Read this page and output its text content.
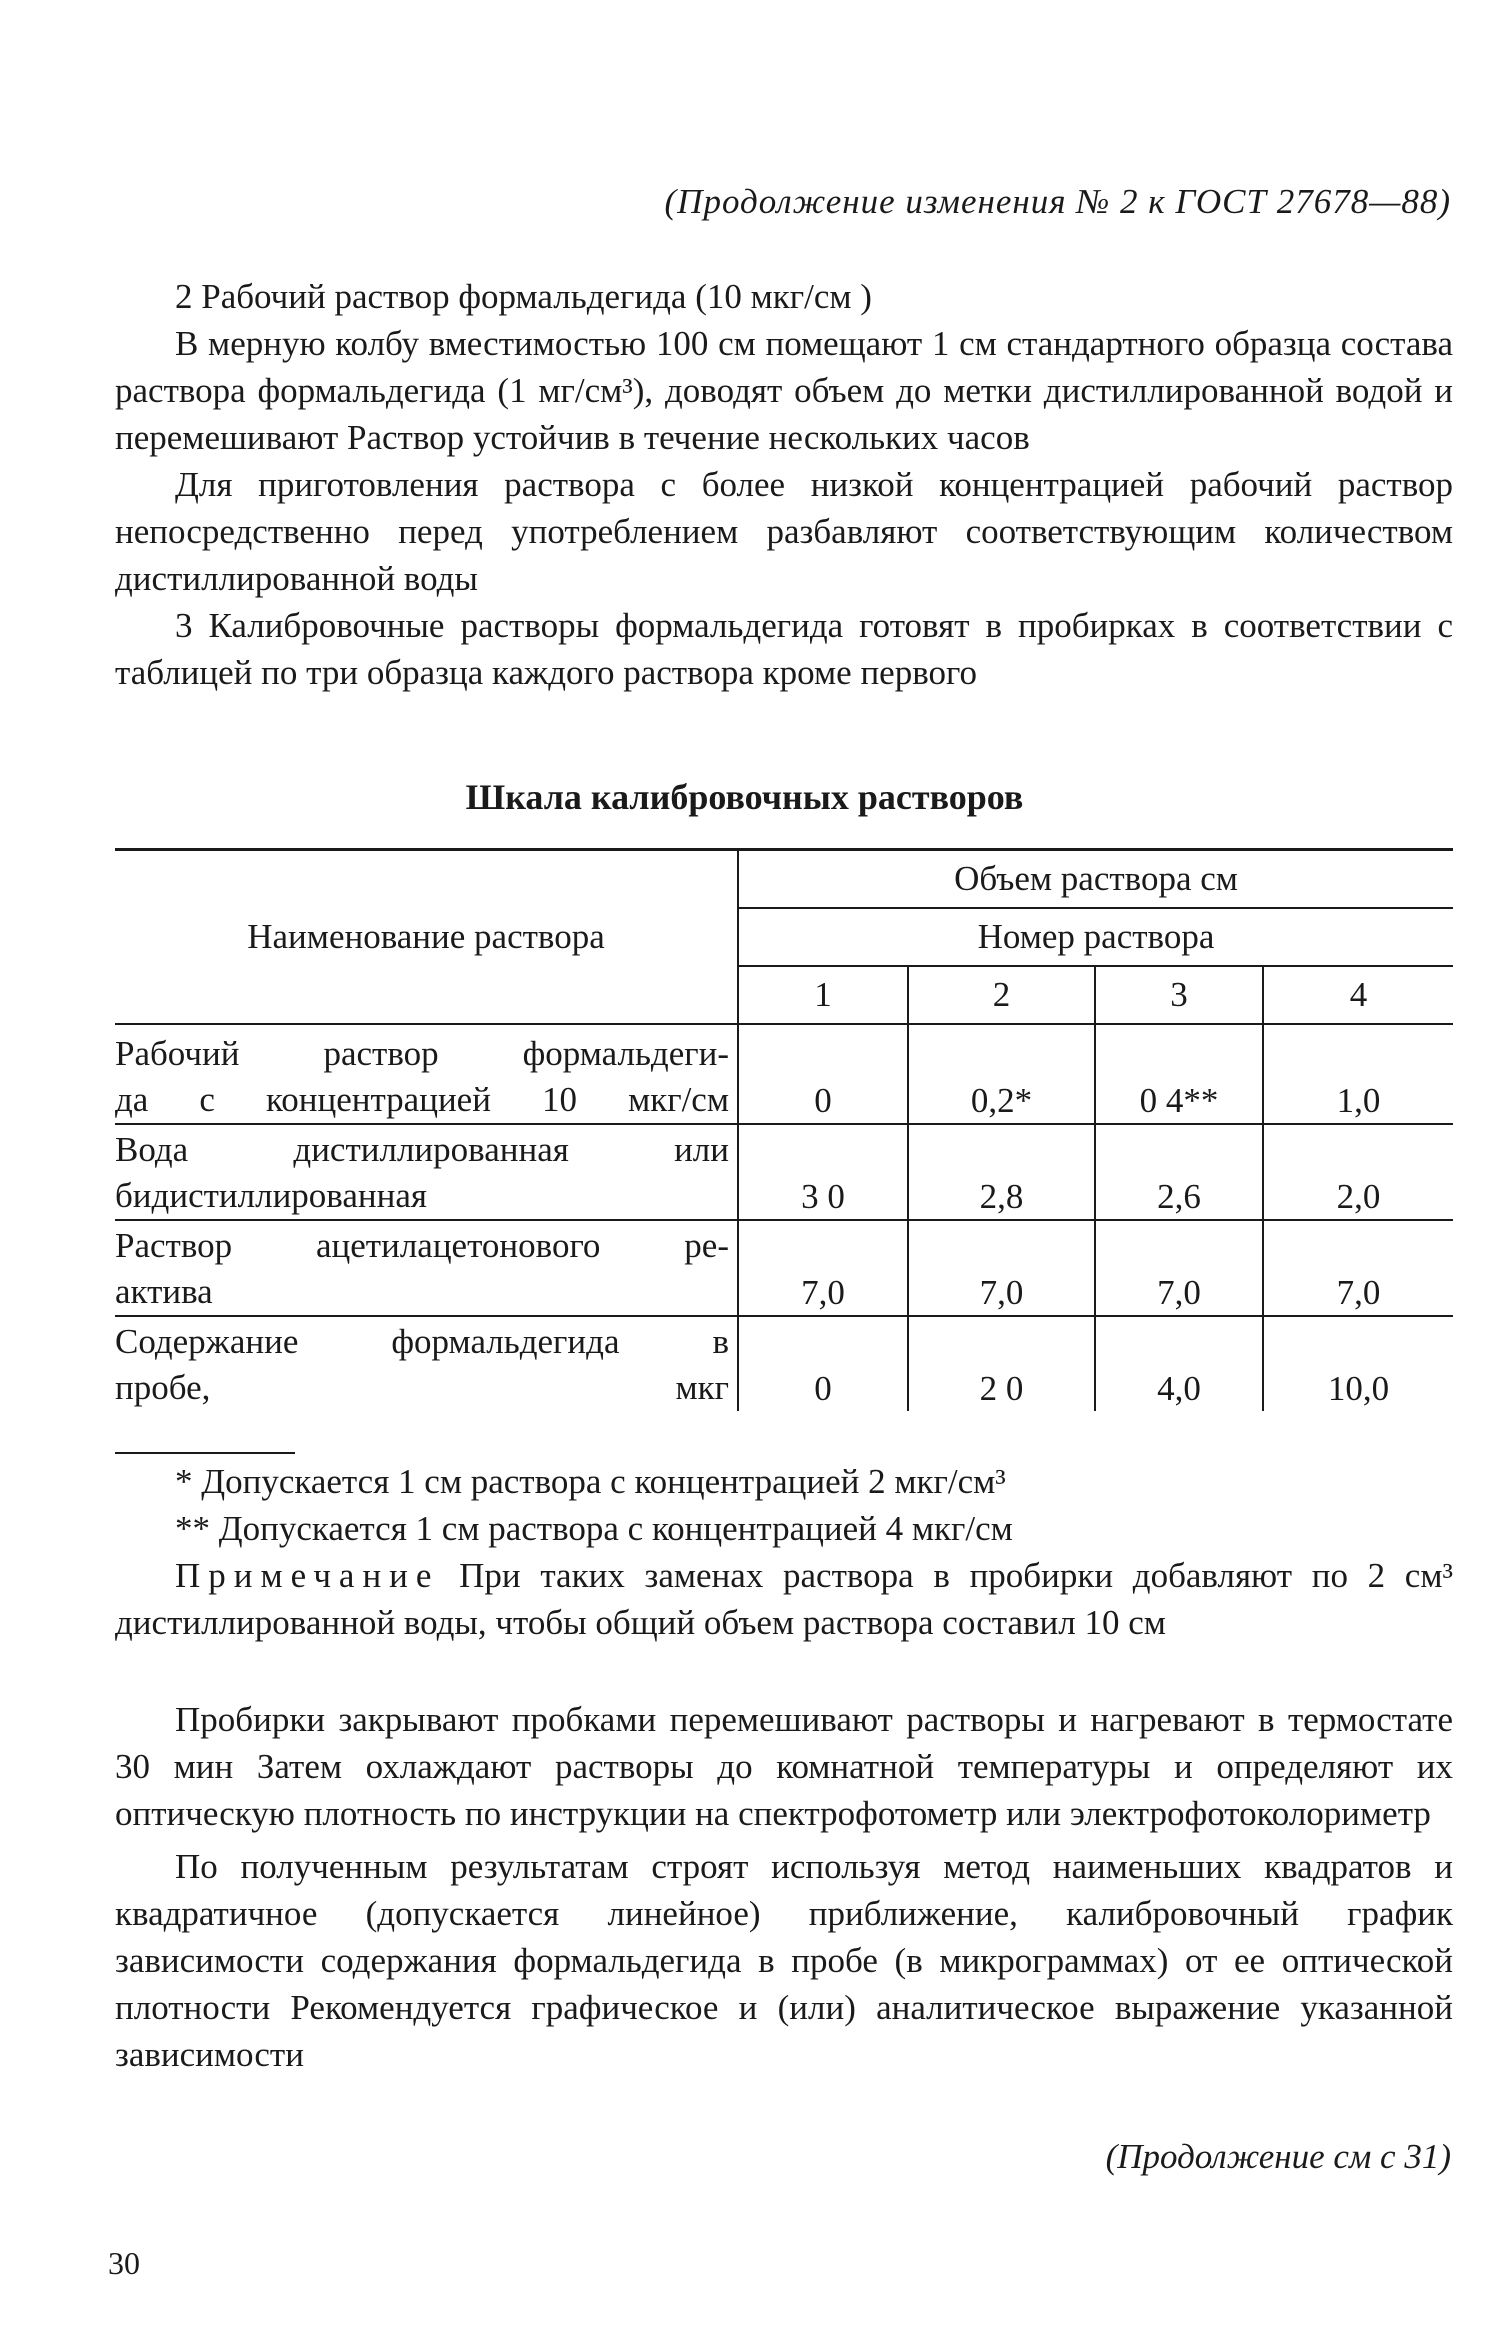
(Продолжение изменения № 2 к ГОСТ 27678—88)

2 Рабочий раствор формальдегида (10 мкг/см )

В мерную колбу вместимостью 100 см помещают 1 см стандартного образца состава раствора формальдегида (1 мг/см³), доводят объем до метки дистиллированной водой и перемешивают Раствор устойчив в течение нескольких часов

Для приготовления раствора с более низкой концентрацией рабочий раствор непосредственно перед употреблением разбавляют соответствующим количеством дистиллированной воды

3 Калибровочные растворы формальдегида готовят в пробирках в соответствии с таблицей по три образца каждого раствора кроме первого

Шкала калибровочных растворов
Наименование раствора	Объем раствора см			
	Номер раствора			
	1	2	3	4

Рабочий раствор формальдеги-
да с концентрацией 10 мкг/см	0	0,2*	0 4**	1,0

Вода дистиллированная или
бидистиллированная	3 0	2,8	2,6	2,0

Раствор ацетилацетонового ре-
актива	7,0	7,0	7,0	7,0

Содержание формальдегида в
пробе, мкг	0	2 0	4,0	10,0

* Допускается 1 см раствора с концентрацией 2 мкг/см³

** Допускается 1 см раствора с концентрацией 4 мкг/см

Примечание При таких заменах раствора в пробирки добавляют по 2 см³ дистиллированной воды, чтобы общий объем раствора составил 10 см

Пробирки закрывают пробками перемешивают растворы и нагревают в термостате 30 мин Затем охлаждают растворы до комнатной температуры и определяют их оптическую плотность по инструкции на спектрофотометр или электрофотоколориметр

По полученным результатам строят используя метод наименьших квадратов и квадратичное (допускается линейное) приближение, калибровочный график зависимости содержания формальдегида в пробе (в микрограммах) от ее оптической плотности Рекомендуется графическое и (или) аналитическое выражение указанной зависимости

(Продолжение см с 31)
30
